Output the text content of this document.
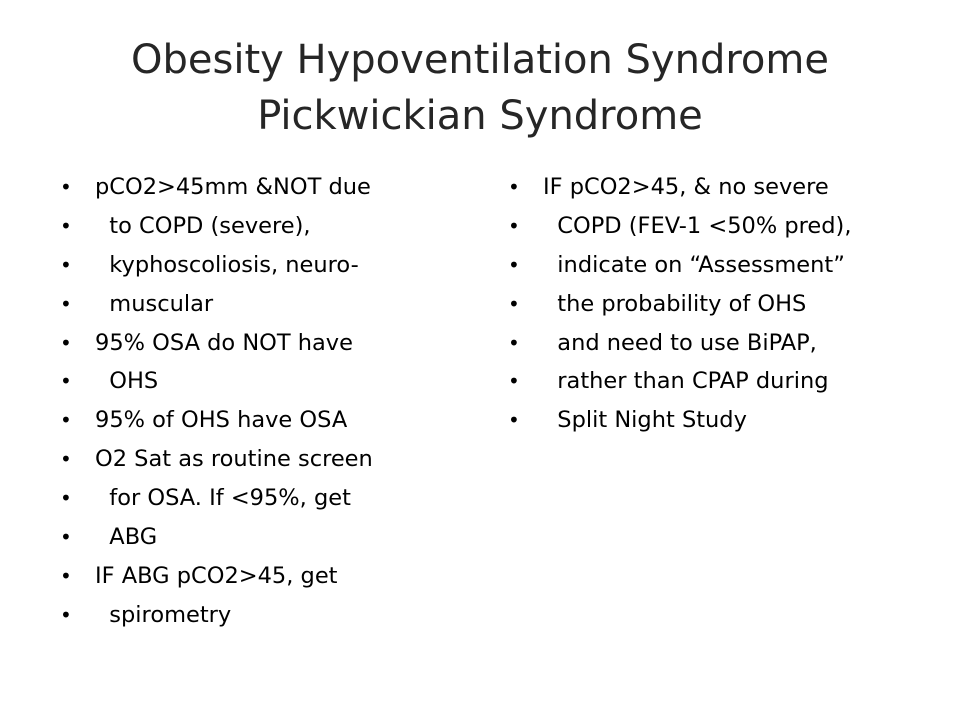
Obesity Hypoventilation Syndrome
Pickwickian Syndrome
• pCO2>45mm &NOT due
• to COPD (severe),
• kyphoscoliosis, neuro-
• muscular
• 95% OSA do NOT have
• OHS
• 95% of OHS have OSA
• O2 Sat as routine screen
• for OSA. If <95%, get
• ABG
• IF ABG pCO2>45, get
• spirometry
• IF pCO2>45, & no severe
• COPD (FEV-1 <50% pred),
• indicate on “Assessment”
• the probability of OHS
• and need to use BiPAP,
• rather than CPAP during
• Split Night Study
